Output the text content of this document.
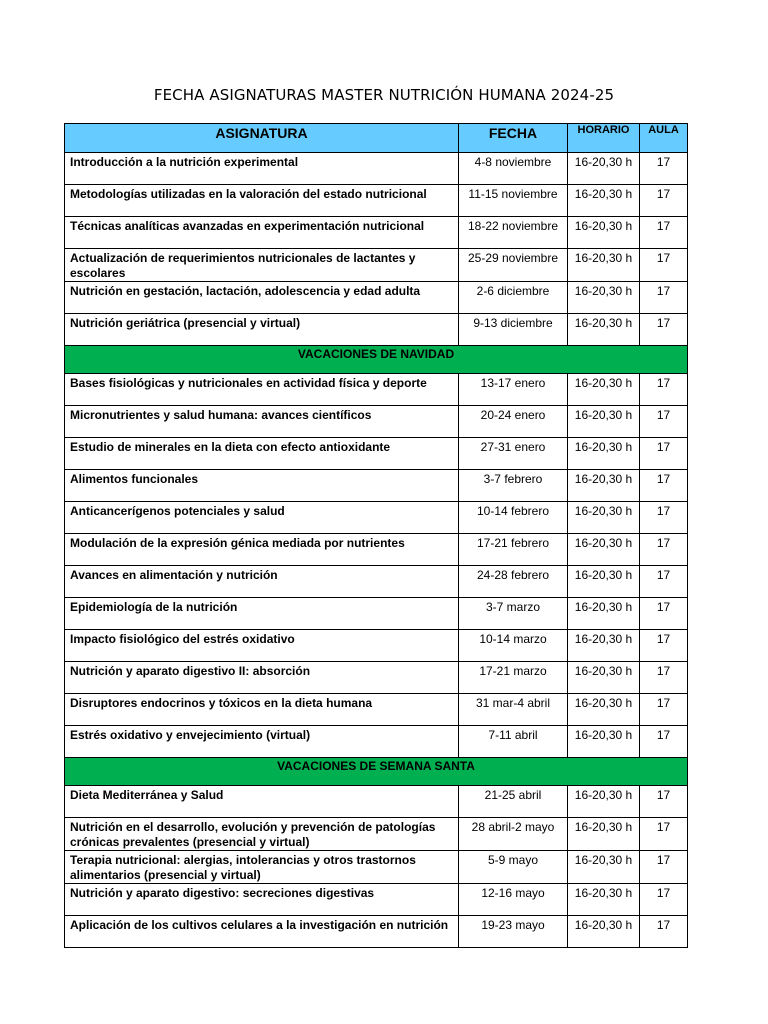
FECHA ASIGNATURAS MASTER NUTRICIÓN HUMANA 2024-25
ASIGNATURA	FECHA	HORARIO	AULA
Introducción a la nutrición experimental	4-8 noviembre	16-20,30 h	17
Metodologías utilizadas en la valoración del estado nutricional	11-15 noviembre	16-20,30 h	17
Técnicas analíticas avanzadas en experimentación nutricional	18-22 noviembre	16-20,30 h	17
Actualización de requerimientos nutricionales de lactantes y escolares	25-29 noviembre	16-20,30 h	17
Nutrición en gestación, lactación, adolescencia y edad adulta	2-6 diciembre	16-20,30 h	17
Nutrición geriátrica (presencial y virtual)	9-13 diciembre	16-20,30 h	17
VACACIONES DE NAVIDAD			
Bases fisiológicas y nutricionales en actividad física y deporte	13-17 enero	16-20,30 h	17
Micronutrientes y salud humana: avances científicos	20-24 enero	16-20,30 h	17
Estudio de minerales en la dieta con efecto antioxidante	27-31 enero	16-20,30 h	17
Alimentos funcionales	3-7 febrero	16-20,30 h	17
Anticancerígenos potenciales y salud	10-14 febrero	16-20,30 h	17
Modulación de la expresión génica mediada por nutrientes	17-21 febrero	16-20,30 h	17
Avances en alimentación y nutrición	24-28 febrero	16-20,30 h	17
Epidemiología de la nutrición	3-7 marzo	16-20,30 h	17
Impacto fisiológico del estrés oxidativo	10-14 marzo	16-20,30 h	17
Nutrición y aparato digestivo II: absorción	17-21 marzo	16-20,30 h	17
Disruptores endocrinos y tóxicos en la dieta humana	31 mar-4 abril	16-20,30 h	17
Estrés oxidativo y envejecimiento (virtual)	7-11 abril	16-20,30 h	17
VACACIONES DE SEMANA SANTA			
Dieta Mediterránea y Salud	21-25 abril	16-20,30 h	17
Nutrición en el desarrollo, evolución y prevención de patologías crónicas prevalentes (presencial y virtual)	28 abril-2 mayo	16-20,30 h	17
Terapia nutricional: alergias, intolerancias y otros trastornos alimentarios (presencial y virtual)	5-9 mayo	16-20,30 h	17
Nutrición y aparato digestivo: secreciones digestivas	12-16 mayo	16-20,30 h	17
Aplicación de los cultivos celulares a la investigación en nutrición	19-23 mayo	16-20,30 h	17
